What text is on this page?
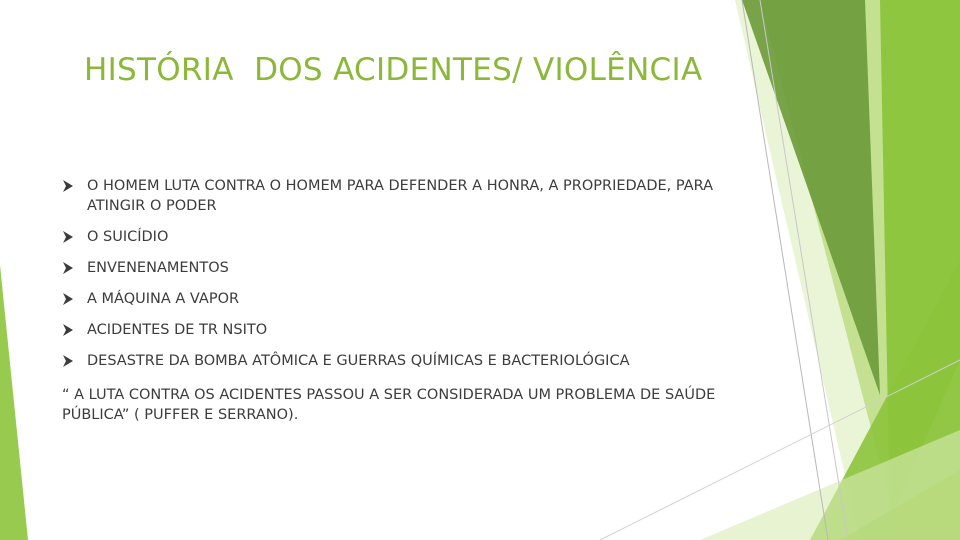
HISTÓRIA  DOS ACIDENTES/ VIOLÊNCIA
O HOMEM LUTA CONTRA O HOMEM PARA DEFENDER A HONRA, A PROPRIEDADE, PARA ATINGIR O PODER
O SUICÍDIO
ENVENENAMENTOS
A MÁQUINA A VAPOR
ACIDENTES DE TR NSITO
DESASTRE DA BOMBA ATÔMICA E GUERRAS QUÍMICAS E BACTERIOLÓGICA

“ A LUTA CONTRA OS ACIDENTES PASSOU A SER CONSIDERADA UM PROBLEMA DE SAÚDE PÚBLICA” ( PUFFER E SERRANO).
